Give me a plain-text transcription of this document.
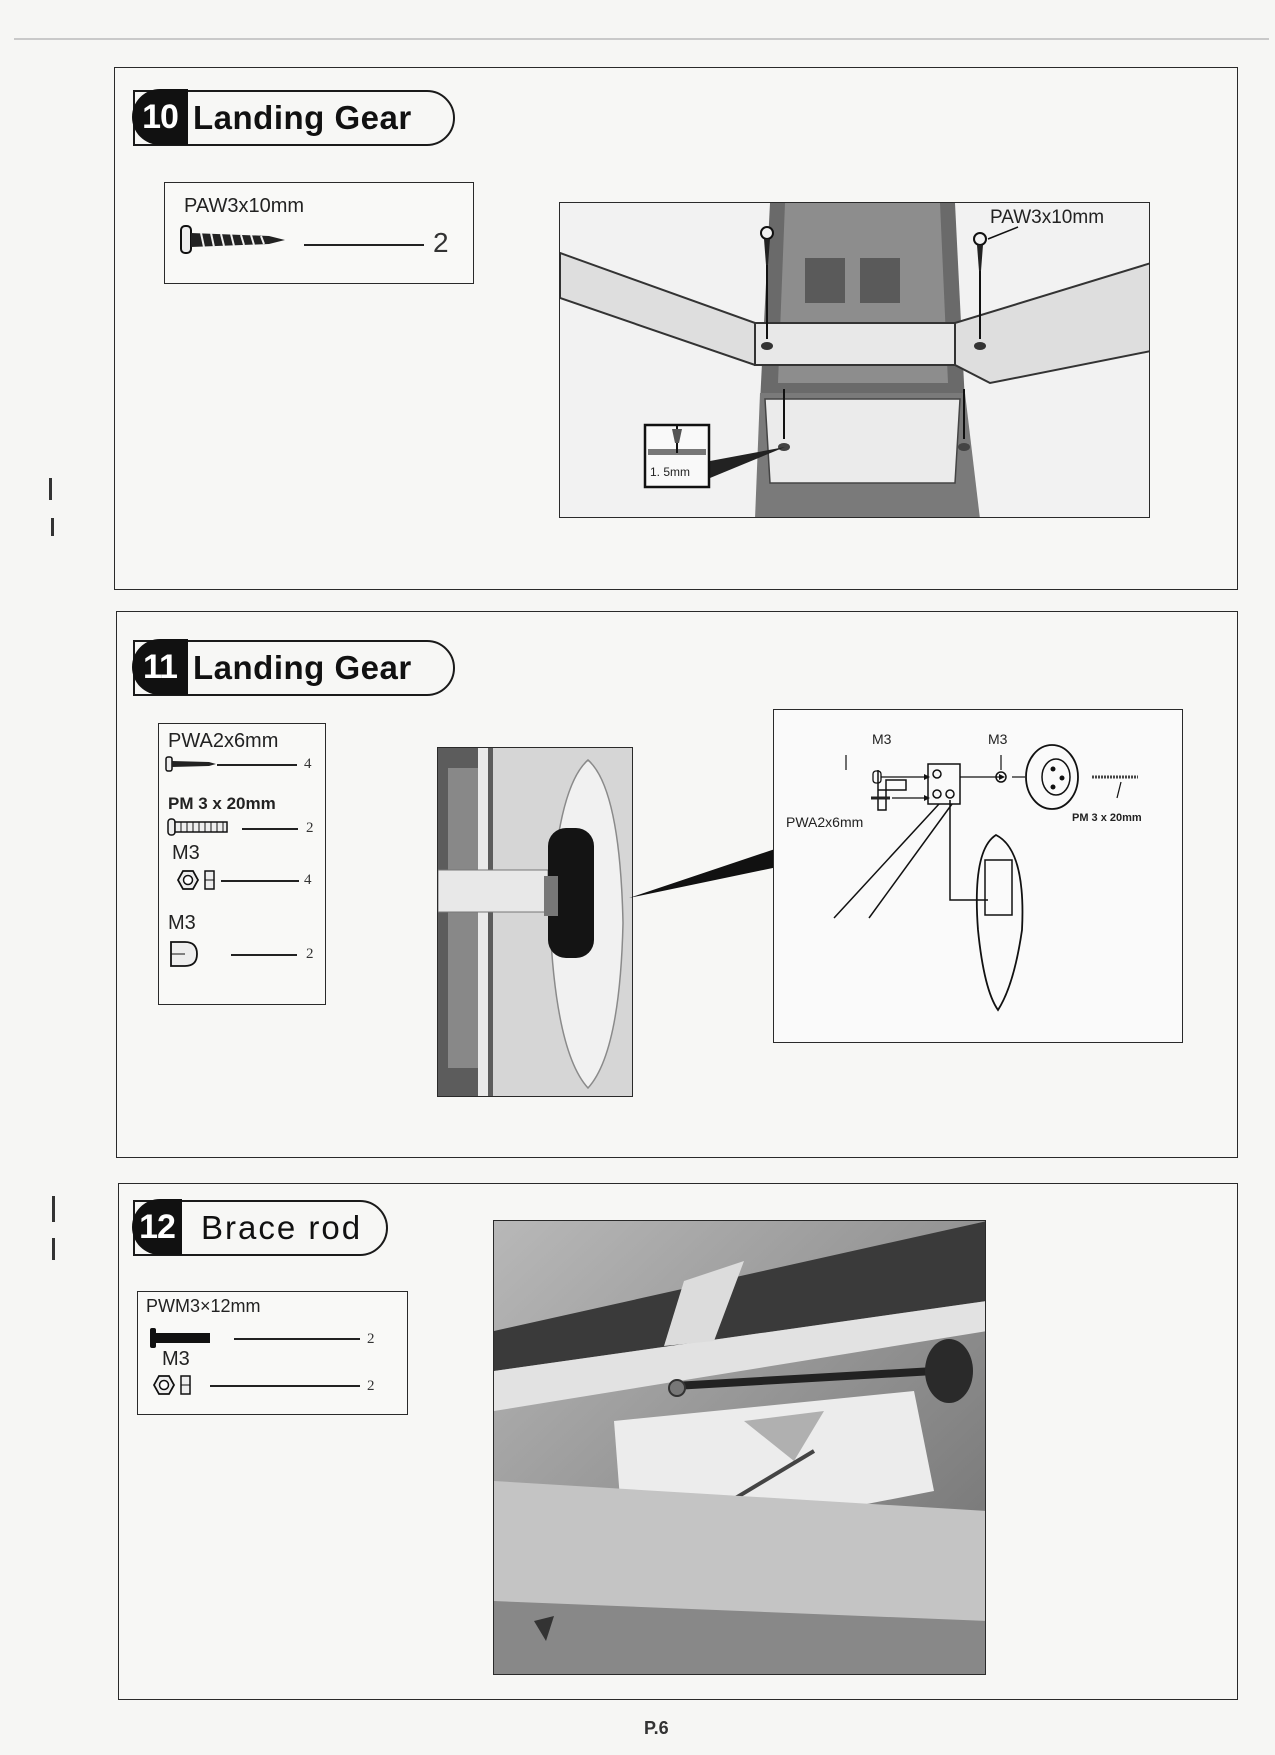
10 Landing Gear
PAW3x10mm
2
PAW3x10mm
1. 5mm
11 Landing Gear
PWA2x6mm
4
PM 3 x 20mm
2
M3
4
M3
2
M3	M3
PWA2x6mm	PM 3 x 20mm
12 Brace rod
PWM3×12mm
2
M3
2
P.6
